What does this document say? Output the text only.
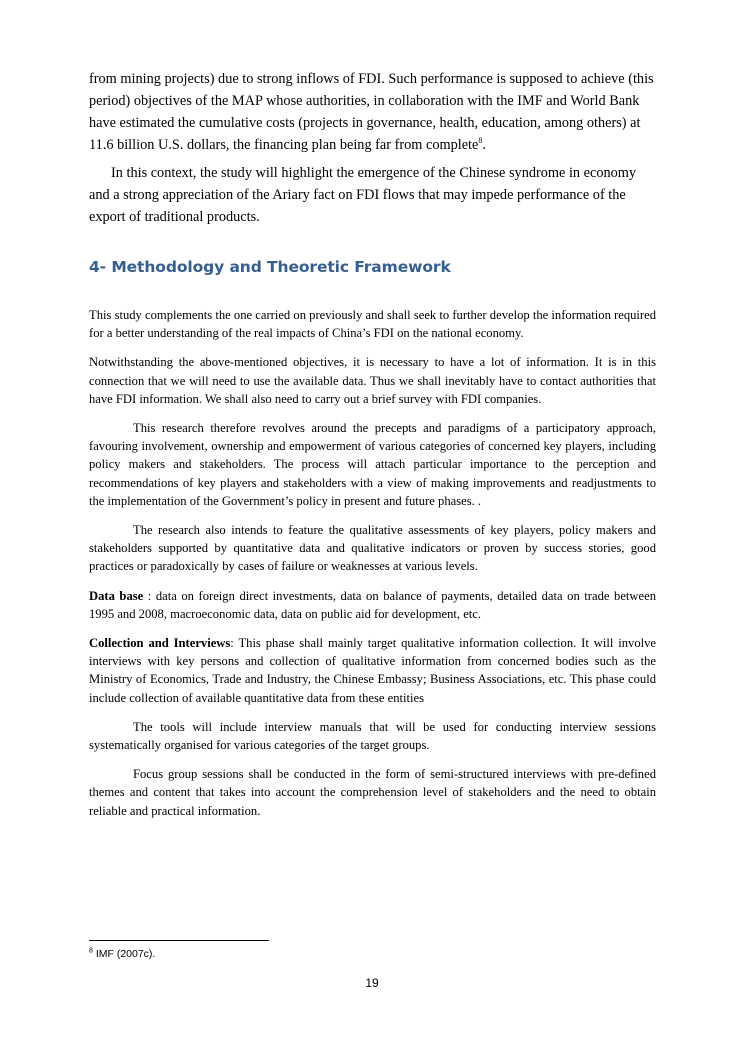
from mining projects) due to strong inflows of FDI. Such performance is supposed to achieve (this period) objectives of the MAP whose authorities, in collaboration with the IMF and World Bank have estimated the cumulative costs (projects in governance, health, education, among others) at 11.6 billion U.S. dollars, the financing plan being far from complete$^8$.

In this context, the study will highlight the emergence of the Chinese syndrome in economy and a strong appreciation of the Ariary fact on FDI flows that may impede performance of the export of traditional products.

4- Methodology and Theoretic Framework

This study complements the one carried on previously and shall seek to further develop the information required for a better understanding of the real impacts of China’s FDI on the national economy.

Notwithstanding the above-mentioned objectives, it is necessary to have a lot of information. It is in this connection that we will need to use the available data. Thus we shall inevitably have to contact authorities that have FDI information. We shall also need to carry out a brief survey with FDI companies.

This research therefore revolves around the precepts and paradigms of a participatory approach, favouring involvement, ownership and empowerment of various categories of concerned key players, including policy makers and stakeholders. The process will attach particular importance to the perception and recommendations of key players and stakeholders with a view of making improvements and readjustments to the implementation of the Government’s policy in present and future phases. .

The research also intends to feature the qualitative assessments of key players, policy makers and stakeholders supported by quantitative data and qualitative indicators or proven by success stories, good practices or paradoxically by cases of failure or weaknesses at various levels.

Data base : data on foreign direct investments, data on balance of payments, detailed data on trade between 1995 and 2008, macroeconomic data, data on public aid for development, etc.

Collection and Interviews: This phase shall mainly target qualitative information collection. It will involve interviews with key persons and collection of qualitative information from concerned bodies such as the Ministry of Economics, Trade and Industry, the Chinese Embassy; Business Associations, etc. This phase could include collection of available quantitative data from these entities

The tools will include interview manuals that will be used for conducting interview sessions systematically organised for various categories of the target groups.

Focus group sessions shall be conducted in the form of semi-structured interviews with pre-defined themes and content that takes into account the comprehension level of stakeholders and the need to obtain reliable and practical information.

$^8$ IMF (2007c).
19
